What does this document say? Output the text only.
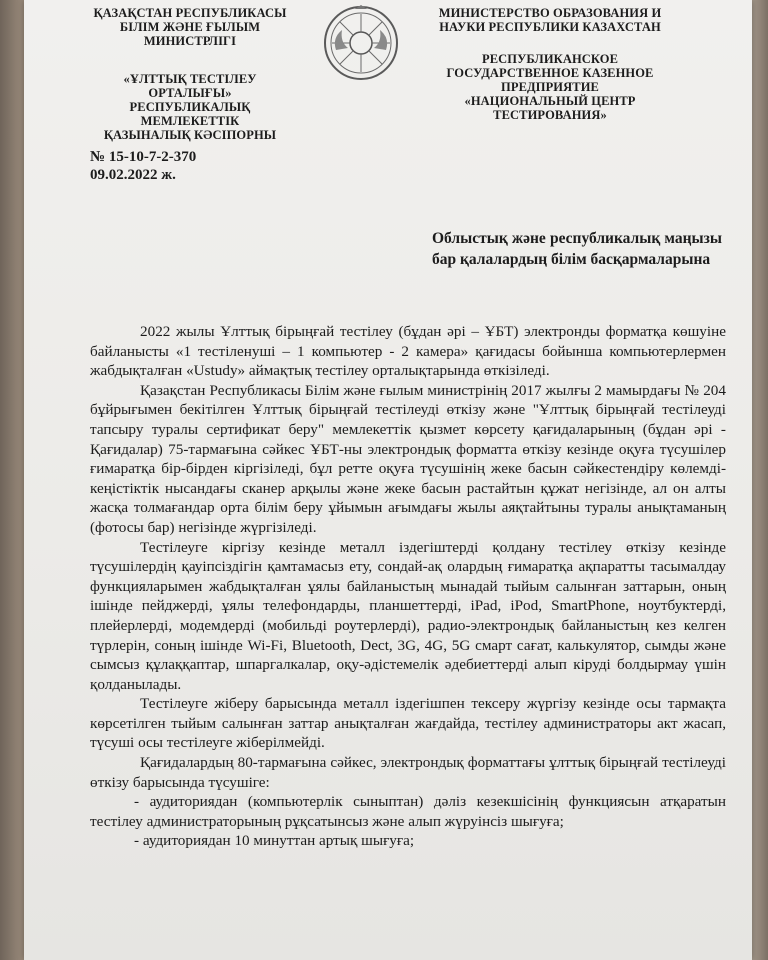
ҚАЗАҚСТАН РЕСПУБЛИКАСЫ
БІЛІМ ЖӘНЕ ҒЫЛЫМ
МИНИСТРЛІГІ
«ҰЛТТЫҚ ТЕСТІЛЕУ
ОРТАЛЫҒЫ»
РЕСПУБЛИКАЛЫҚ МЕМЛЕКЕТТІК
ҚАЗЫНАЛЫҚ КӘСІПОРНЫ
МИНИСТЕРСТВО ОБРАЗОВАНИЯ И
НАУКИ РЕСПУБЛИКИ КАЗАХСТАН
РЕСПУБЛИКАНСКОЕ
ГОСУДАРСТВЕННОЕ КАЗЕННОЕ
ПРЕДПРИЯТИЕ
«НАЦИОНАЛЬНЫЙ ЦЕНТР
ТЕСТИРОВАНИЯ»
№ 15-10-7-2-370
09.02.2022 ж.
Облыстық және республикалық маңызы бар қалалардың білім басқармаларына

2022 жылы Ұлттық бірыңғай тестілеу (бұдан әрі – ҰБТ) электронды форматқа көшуіне байланысты «1 тестіленуші – 1 компьютер - 2 камера» қағидасы бойынша компьютерлермен жабдықталған «Ustudy» аймақтық тестілеу орталықтарында өткізіледі.

Қазақстан Республикасы Білім және ғылым министрінің 2017 жылғы 2 мамырдағы № 204 бұйрығымен бекітілген Ұлттық бірыңғай тестілеуді өткізу және "Ұлттық бірыңғай тестілеуді тапсыру туралы сертификат беру" мемлекеттік қызмет көрсету қағидаларының (бұдан әрі - Қағидалар) 75-тармағына сәйкес ҰБТ-ны электрондық форматта өткізу кезінде оқуға түсушілер ғимаратқа бір-бірден кіргізіледі, бұл ретте оқуға түсушінің жеке басын сәйкестендіру көлемді-кеңістіктік нысандағы сканер арқылы және жеке басын растайтын құжат негізінде, ал он алты жасқа толмағандар орта білім беру ұйымын ағымдағы жылы аяқтайтыны туралы анықтаманың (фотосы бар) негізінде жүргізіледі.

Тестілеуге кіргізу кезінде металл іздегіштерді қолдану тестілеу өткізу кезінде түсушілердің қауіпсіздігін қамтамасыз ету, сондай-ақ олардың ғимаратқа ақпаратты тасымалдау функцияларымен жабдықталған ұялы байланыстың мынадай тыйым салынған заттарын, оның ішінде пейджерді, ұялы телефондарды, планшеттерді, iPad, iPod, SmartPhone, ноутбуктерді, плейерлерді, модемдерді (мобильді роутерлерді), радио-электрондық байланыстың кез келген түрлерін, соның ішінде Wi-Fi, Bluetooth, Dect, 3G, 4G, 5G смарт сағат, калькулятор, сымды және сымсыз құлаққаптар, шпаргалкалар, оқу-әдістемелік әдебиеттерді алып кіруді болдырмау үшін қолданылады.

Тестілеуге жіберу барысында металл іздегішпен тексеру жүргізу кезінде осы тармақта көрсетілген тыйым салынған заттар анықталған жағдайда, тестілеу администраторы акт жасап, түсуші осы тестілеуге жіберілмейді.

Қағидалардың 80-тармағына сәйкес, электрондық форматтағы ұлттық бірыңғай тестілеуді өткізу барысында түсушіге:

- аудиториядан (компьютерлік сыныптан) дәліз кезекшісінің функциясын атқаратын тестілеу администраторының рұқсатынсыз және алып жүруінсіз шығуға;

- аудиториядан 10 минуттан артық шығуға;
